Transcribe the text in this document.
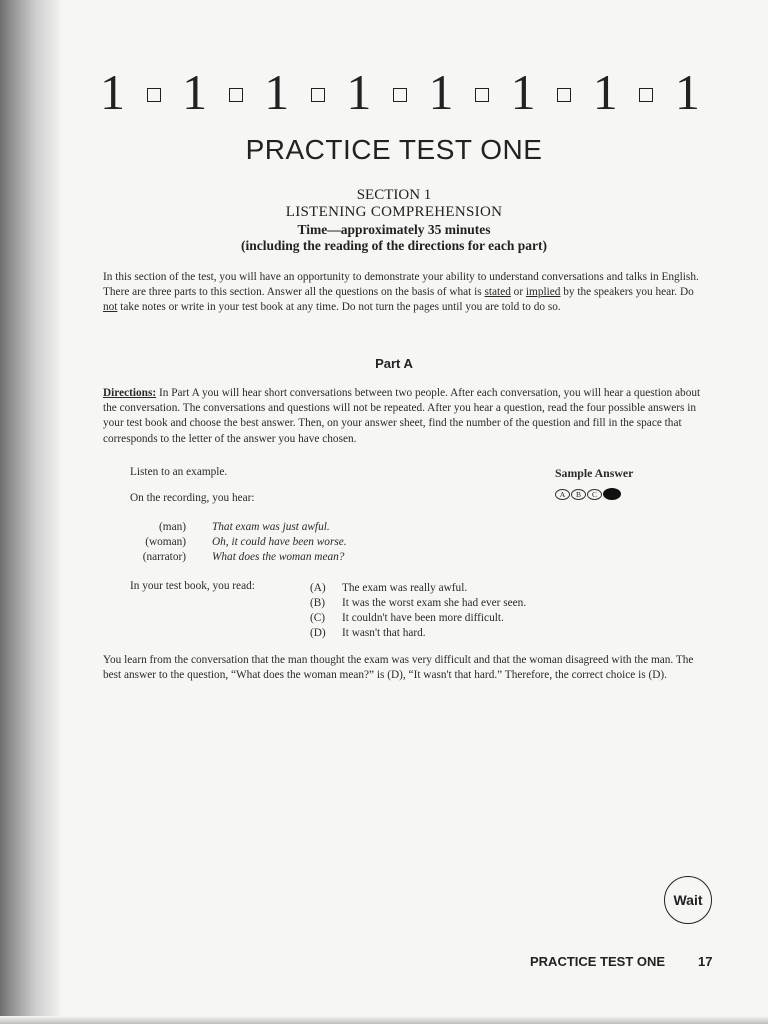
1 1 1 1 1 1 1 1
PRACTICE TEST ONE
SECTION 1
LISTENING COMPREHENSION
Time—approximately 35 minutes
(including the reading of the directions for each part)
In this section of the test, you will have an opportunity to demonstrate your ability to understand conversations and talks in English. There are three parts to this section. Answer all the questions on the basis of what is stated or implied by the speakers you hear. Do not take notes or write in your test book at any time. Do not turn the pages until you are told to do so.
Part A
Directions: In Part A you will hear short conversations between two people. After each conversation, you will hear a question about the conversation. The conversations and questions will not be repeated. After you hear a question, read the four possible answers in your test book and choose the best answer. Then, on your answer sheet, find the number of the question and fill in the space that corresponds to the letter of the answer you have chosen.
Listen to an example.
On the recording, you hear:
Sample Answer
A	B	C
(man) That exam was just awful.
(woman) Oh, it could have been worse.
(narrator) What does the woman mean?
In your test book, you read:	(A) The exam was really awful.
(B) It was the worst exam she had ever seen.
(C) It couldn't have been more difficult.
(D) It wasn't that hard.
You learn from the conversation that the man thought the exam was very difficult and that the woman disagreed with the man. The best answer to the question, “What does the woman mean?” is (D), “It wasn't that hard.” Therefore, the correct choice is (D).
Wait
PRACTICE TEST ONE	17
